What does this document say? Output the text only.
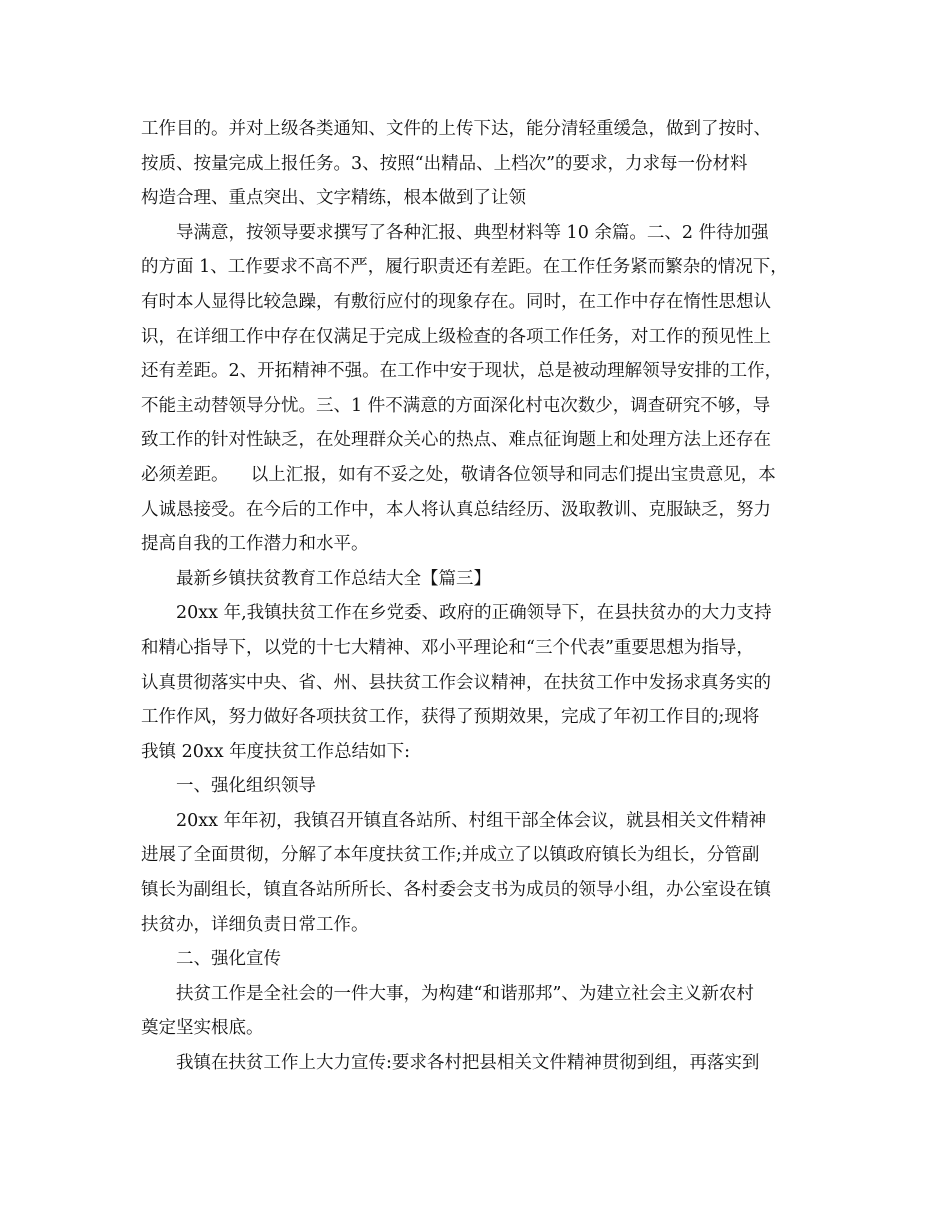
工作目的。并对上级各类通知、文件的上传下达，能分清轻重缓急，做到了按时、
按质、按量完成上报任务。3、按照“出精品、上档次”的要求，力求每一份材料
构造合理、重点突出、文字精练，根本做到了让领
导满意，按领导要求撰写了各种汇报、典型材料等 10 余篇。二、2 件待加强
的方面 1、工作要求不高不严，履行职责还有差距。在工作任务紧而繁杂的情况下，
有时本人显得比较急躁，有敷衍应付的现象存在。同时，在工作中存在惰性思想认
识，在详细工作中存在仅满足于完成上级检查的各项工作任务，对工作的预见性上
还有差距。2、开拓精神不强。在工作中安于现状，总是被动理解领导安排的工作，
不能主动替领导分忧。三、1 件不满意的方面深化村屯次数少，调查研究不够，导
致工作的针对性缺乏，在处理群众关心的热点、难点征询题上和处理方法上还存在
必须差距。    以上汇报，如有不妥之处，敬请各位领导和同志们提出宝贵意见，本
人诚恳接受。在今后的工作中，本人将认真总结经历、汲取教训、克服缺乏，努力
提高自我的工作潜力和水平。
最新乡镇扶贫教育工作总结大全【篇三】
20xx 年,我镇扶贫工作在乡党委、政府的正确领导下，在县扶贫办的大力支持
和精心指导下，以党的十七大精神、邓小平理论和“三个代表”重要思想为指导，
认真贯彻落实中央、省、州、县扶贫工作会议精神，在扶贫工作中发扬求真务实的
工作作风，努力做好各项扶贫工作，获得了预期效果，完成了年初工作目的;现将
我镇 20xx 年度扶贫工作总结如下:
一、强化组织领导
20xx 年年初，我镇召开镇直各站所、村组干部全体会议，就县相关文件精神
进展了全面贯彻，分解了本年度扶贫工作;并成立了以镇政府镇长为组长，分管副
镇长为副组长，镇直各站所所长、各村委会支书为成员的领导小组，办公室设在镇
扶贫办，详细负责日常工作。
二、强化宣传
扶贫工作是全社会的一件大事，为构建“和谐那邦”、为建立社会主义新农村
奠定坚实根底。
我镇在扶贫工作上大力宣传:要求各村把县相关文件精神贯彻到组，再落实到
